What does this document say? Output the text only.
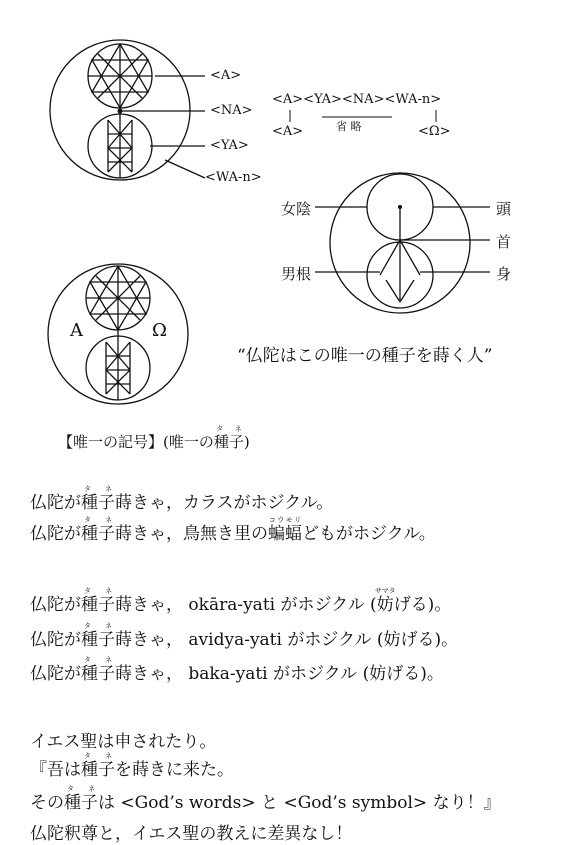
<A>
<NA>
<YA>
<WA-n>
<A><YA><NA><WA-n>
<A>	省 略	<Ω>
女陰
男根
頭
首
身
A	Ω
“仏陀はこの唯一の種子を蒔く人”
【唯一の記号】(唯一の種子タ ネ)
仏陀が種子タ ネ蒔きゃ，カラスがホジクル。
仏陀が種子タ ネ蒔きゃ，鳥無き里の蝙蝠コウモリどもがホジクル。
仏陀が種子タ ネ蒔きゃ， okāra-yati がホジクル (妨サマタげる)。
仏陀が種子タ ネ蒔きゃ， avidya-yati がホジクル (妨げる)。
仏陀が種子タ ネ蒔きゃ， baka-yati がホジクル (妨げる)。
イエス聖は申されたり。
『吾は種子タ ネを蒔きに来た。
その種子タ ネは <God’s words> と <God’s symbol> なり！』
仏陀釈尊と，イエス聖の教えに差異なし！
